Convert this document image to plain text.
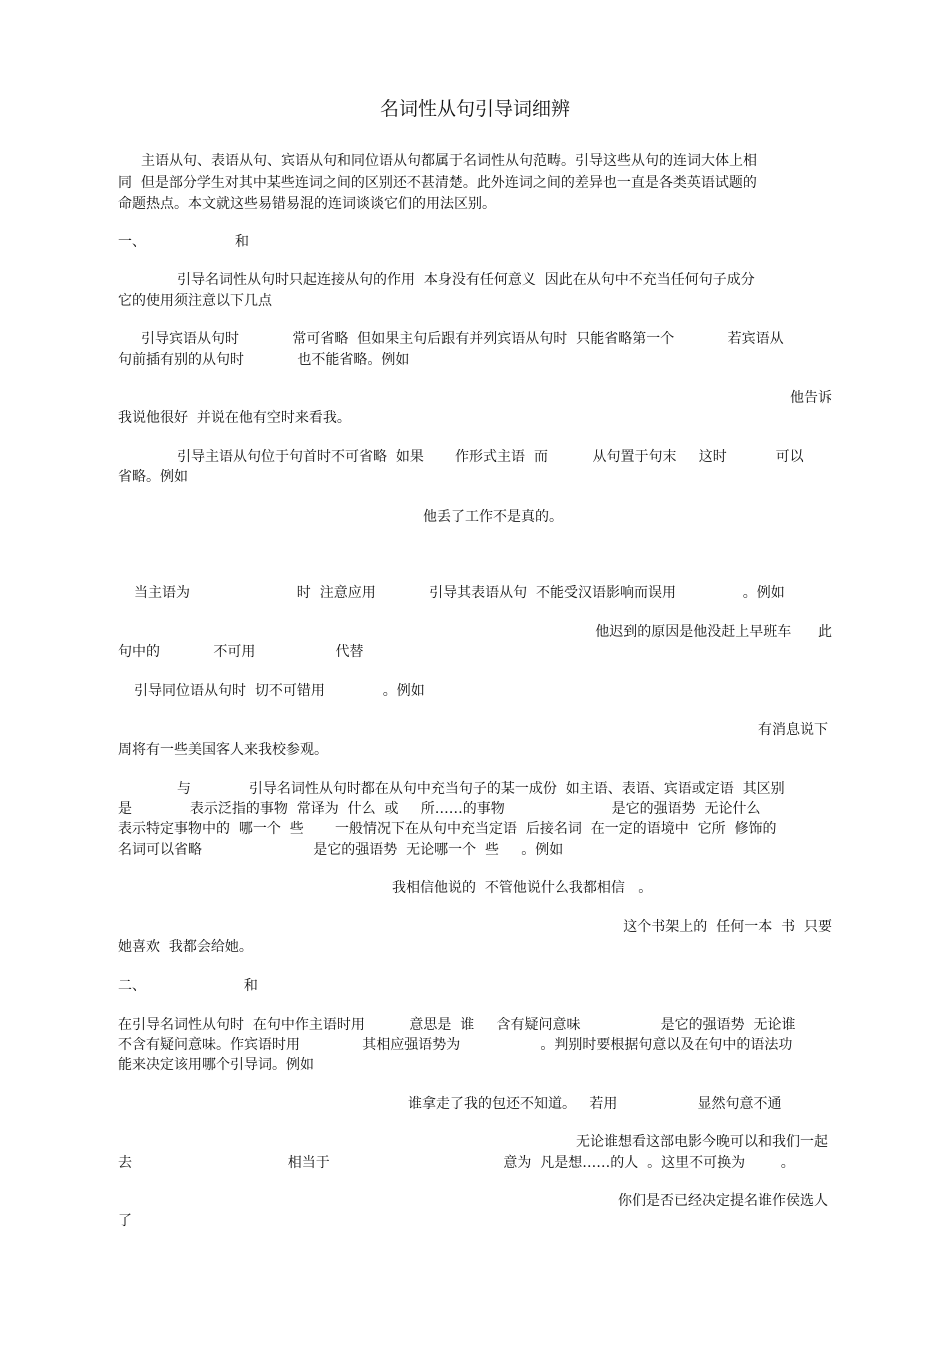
名词性从句引导词细辨
主语从句、表语从句、宾语从句和同位语从句都属于名词性从句范畴。引导这些从句的连词大体上相
同  但是部分学生对其中某些连词之间的区别还不甚清楚。此外连词之间的差异也一直是各类英语试题的
命题热点。本文就这些易错易混的连词谈谈它们的用法区别。
一、                    和
引导名词性从句时只起连接从句的作用  本身没有任何意义  因此在从句中不充当任何句子成分
它的使用须注意以下几点
引导宾语从句时            常可省略  但如果主句后跟有并列宾语从句时  只能省略第一个            若宾语从
句前插有别的从句时            也不能省略。例如
他告诉
我说他很好  并说在他有空时来看我。
引导主语从句位于句首时不可省略  如果       作形式主语  而          从句置于句末     这时           可以
省略。例如
他丢了工作不是真的。
当主语为                        时  注意应用            引导其表语从句  不能受汉语影响而误用               。例如
他迟到的原因是他没赶上早班车      此
句中的            不可用                  代替
引导同位语从句时  切不可错用             。例如
有消息说下
周将有一些美国客人来我校参观。
与             引导名词性从句时都在从句中充当句子的某一成份  如主语、表语、宾语或定语  其区别
是             表示泛指的事物  常译为  什么  或     所……的事物                        是它的强语势  无论什么
表示特定事物中的  哪一个  些       一般情况下在从句中充当定语  后接名词  在一定的语境中  它所  修饰的
名词可以省略                         是它的强语势  无论哪一个  些     。例如
我相信他说的  不管他说什么我都相信   。
这个书架上的  任何一本  书  只要
她喜欢  我都会给她。
二、                      和
在引导名词性从句时  在句中作主语时用          意思是  谁     含有疑问意味                  是它的强语势  无论谁
不含有疑问意味。作宾语时用              其相应强语势为                  。判别时要根据句意以及在句中的语法功
能来决定该用哪个引导词。例如
谁拿走了我的包还不知道。   若用                  显然句意不通
无论谁想看这部电影今晚可以和我们一起
去                                   相当于                                       意为  凡是想……的人  。这里不可换为        。
你们是否已经决定提名谁作侯选人
了
